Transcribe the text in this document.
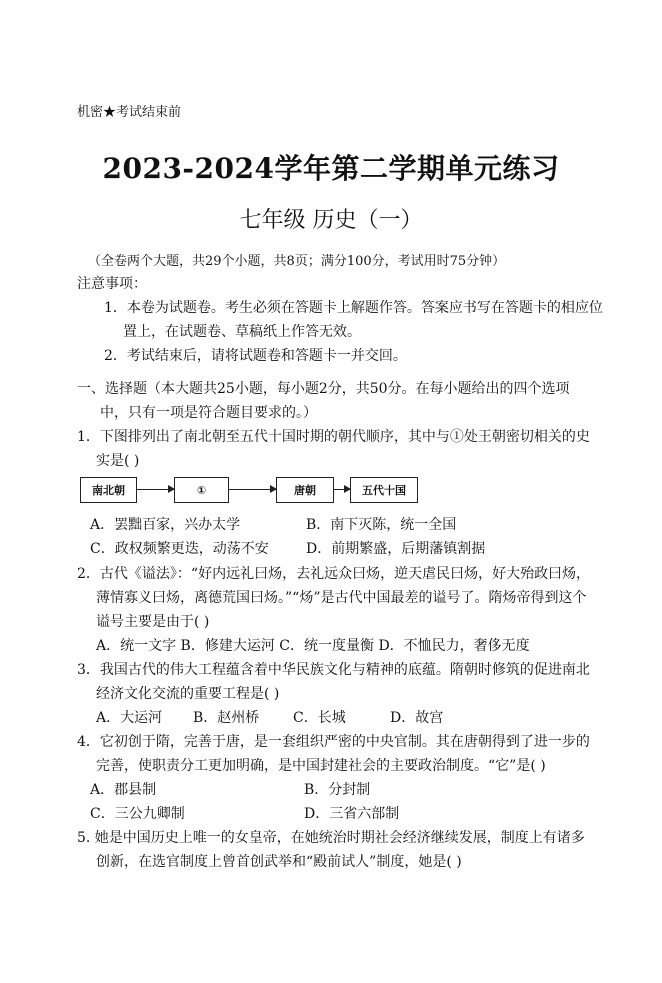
机密★考试结束前
2023-2024学年第二学期单元练习
七年级 历史（一）
（全卷两个大题，共29个小题，共8页；满分100分，考试用时75分钟）
注意事项：
1．本卷为试题卷。考生必须在答题卡上解题作答。答案应书写在答题卡的相应位
置上，在试题卷、草稿纸上作答无效。
2．考试结束后，请将试题卷和答题卡一并交回。
一、选择题（本大题共25小题，每小题2分，共50分。在每小题给出的四个选项
中，只有一项是符合题目要求的。）
1．下图排列出了南北朝至五代十国时期的朝代顺序，其中与①处王朝密切相关的史
实是( )
南北朝	①	唐朝	五代十国
A．罢黜百家，兴办太学	B．南下灭陈，统一全国
C．政权频繁更迭，动荡不安	D．前期繁盛，后期藩镇割据
2．古代《谥法》：“好内远礼曰炀，去礼远众曰炀，逆天虐民曰炀，好大殆政曰炀，
薄情寡义曰炀，离德荒国曰炀。”“炀”是古代中国最差的谥号了。隋炀帝得到这个
谥号主要是由于( )
A．统一文字 B．修建大运河 C．统一度量衡 D．不恤民力，奢侈无度
3．我国古代的伟大工程蕴含着中华民族文化与精神的底蕴。隋朝时修筑的促进南北
经济文化交流的重要工程是( )
A．大运河 B．赵州桥 C．长城	D．故宫
4．它初创于隋，完善于唐，是一套组织严密的中央官制。其在唐朝得到了进一步的
完善，使职责分工更加明确，是中国封建社会的主要政治制度。“它”是( )
A．郡县制	B．分封制
C．三公九卿制	D．三省六部制
5. 她是中国历史上唯一的女皇帝，在她统治时期社会经济继续发展，制度上有诸多
创新，在选官制度上曾首创武举和“殿前试人”制度，她是( )
